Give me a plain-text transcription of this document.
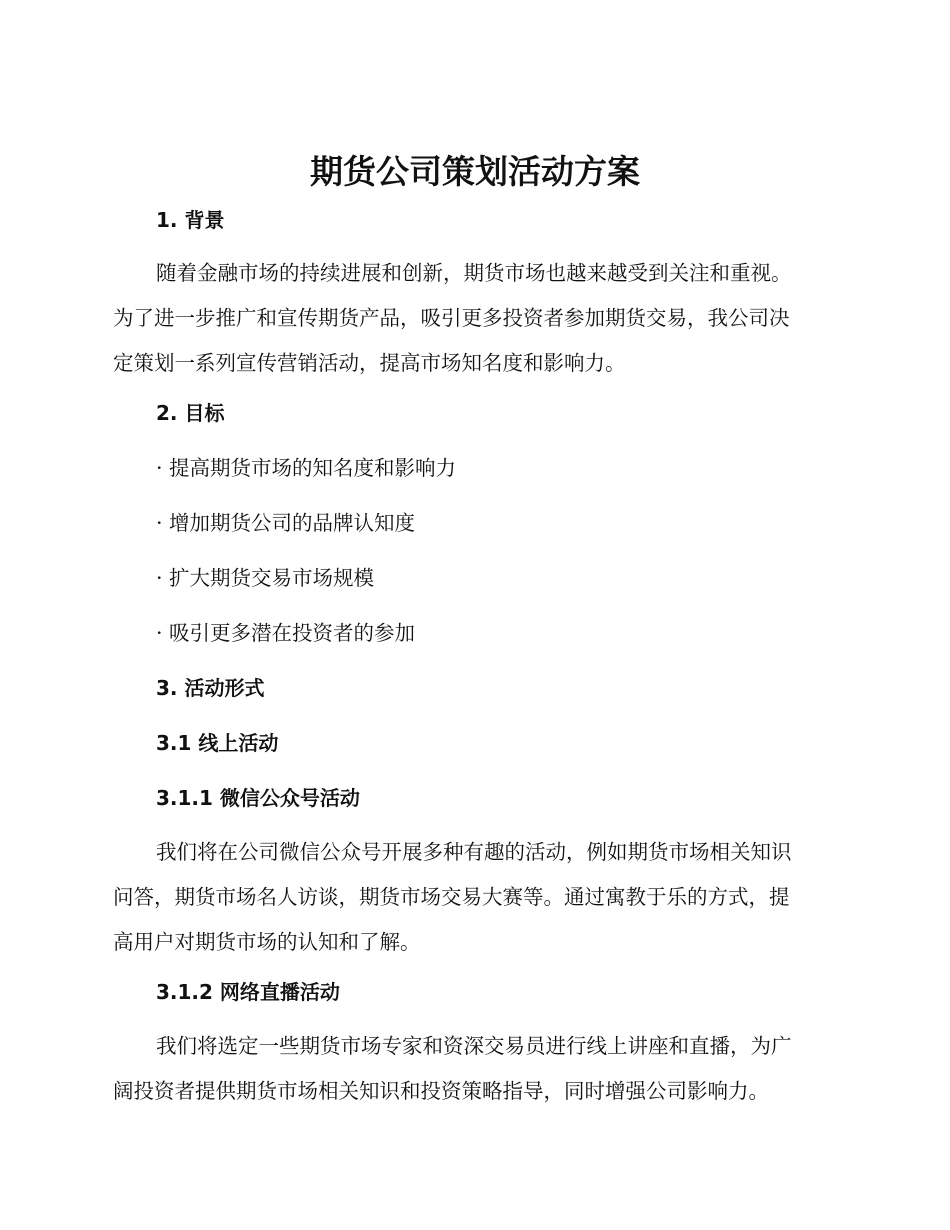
期货公司策划活动方案
1. 背景

随着金融市场的持续进展和创新，期货市场也越来越受到关注和重视。
为了进一步推广和宣传期货产品，吸引更多投资者参加期货交易，我公司决
定策划一系列宣传营销活动，提高市场知名度和影响力。

2. 目标

· 提高期货市场的知名度和影响力

· 增加期货公司的品牌认知度

· 扩大期货交易市场规模

· 吸引更多潜在投资者的参加

3. 活动形式
3.1 线上活动
3.1.1 微信公众号活动

我们将在公司微信公众号开展多种有趣的活动，例如期货市场相关知识
问答，期货市场名人访谈，期货市场交易大赛等。通过寓教于乐的方式，提
高用户对期货市场的认知和了解。

3.1.2 网络直播活动

我们将选定一些期货市场专家和资深交易员进行线上讲座和直播，为广
阔投资者提供期货市场相关知识和投资策略指导，同时增强公司影响力。
